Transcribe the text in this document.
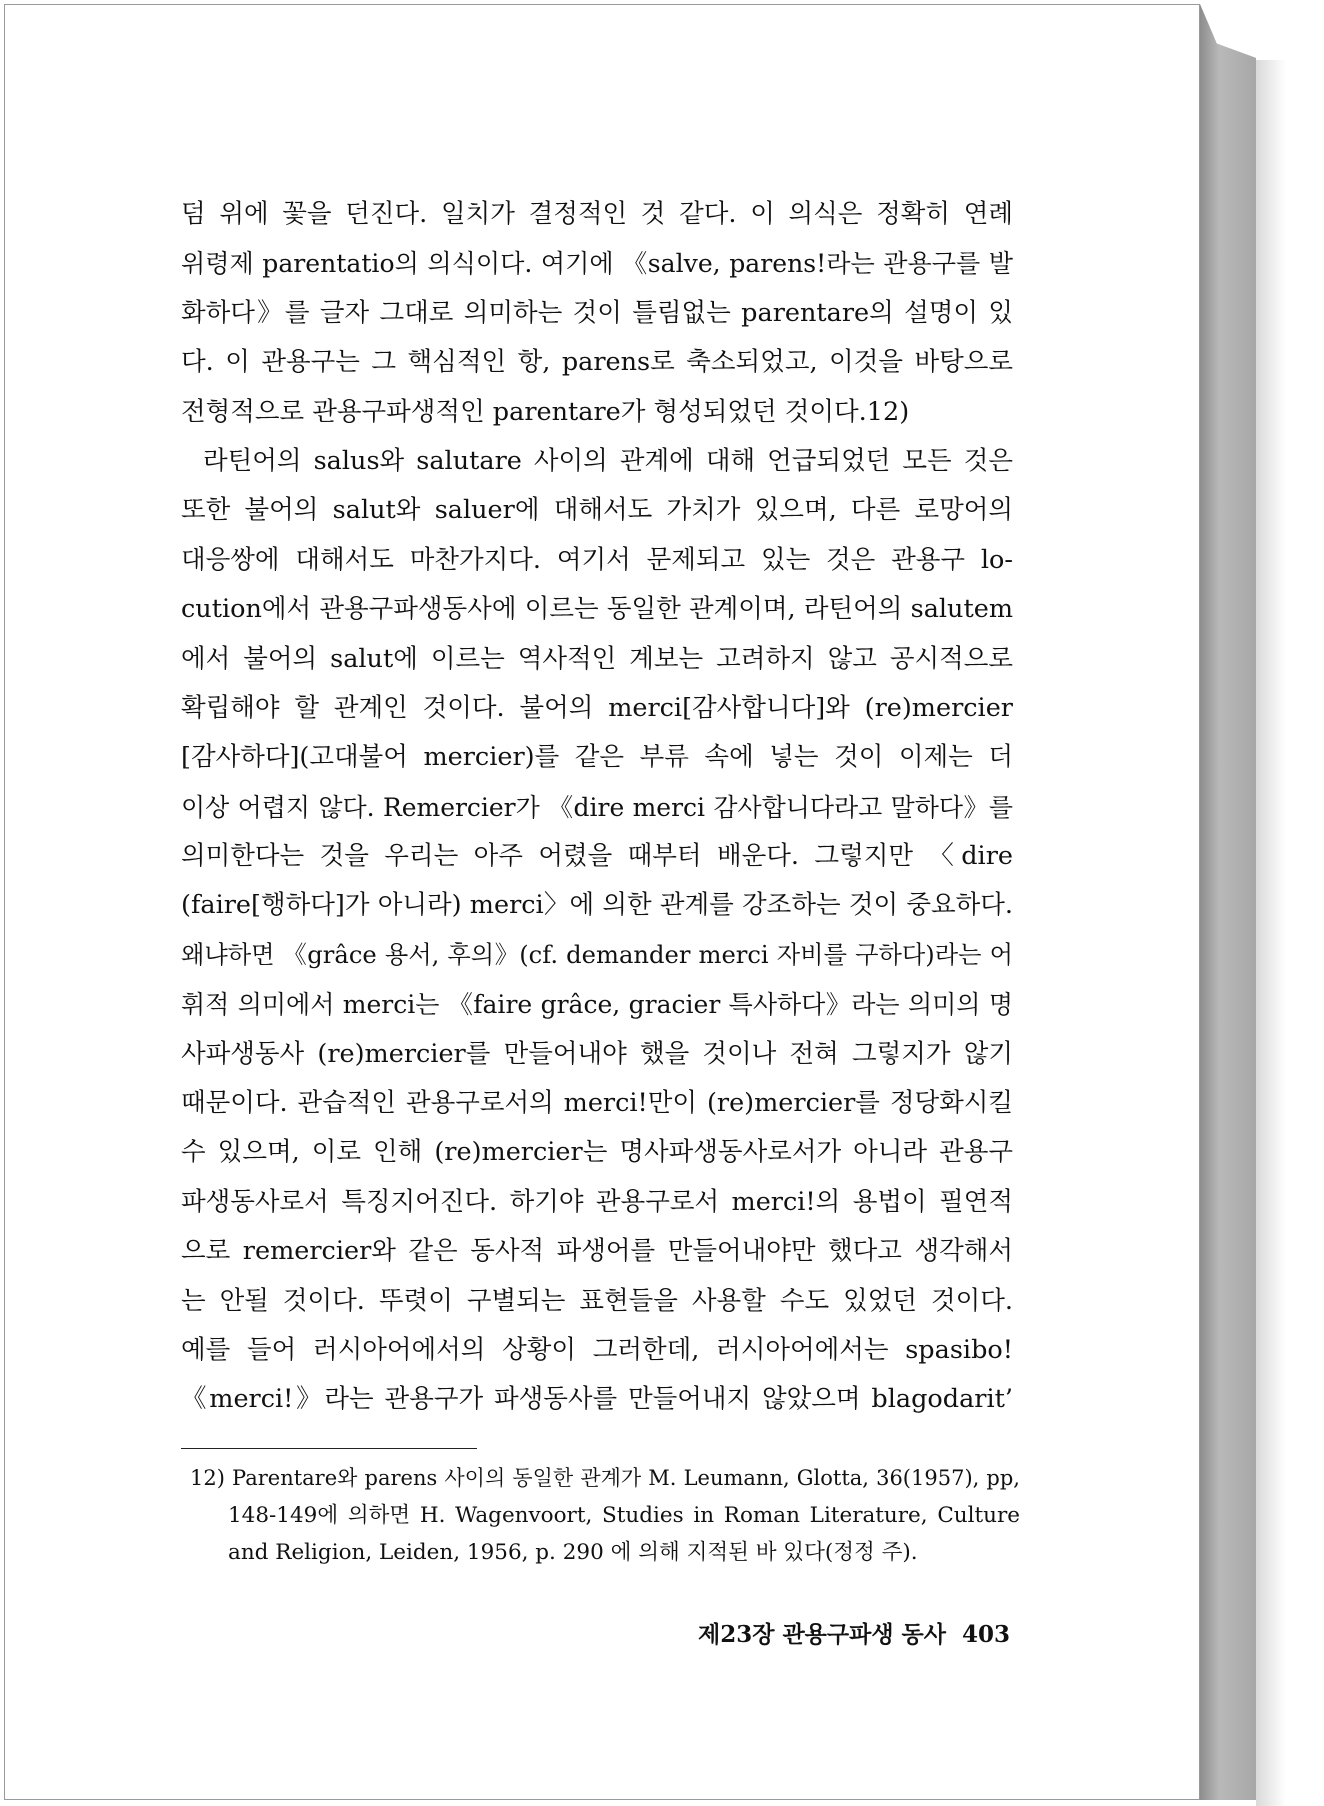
덤 위에 꽃을 던진다. 일치가 결정적인 것 같다. 이 의식은 정확히 연례
위령제 parentatio의 의식이다. 여기에 《salve, parens!라는 관용구를 발
화하다》를 글자 그대로 의미하는 것이 틀림없는 parentare의 설명이 있
다. 이 관용구는 그 핵심적인 항, parens로 축소되었고, 이것을 바탕으로
전형적으로 관용구파생적인 parentare가 형성되었던 것이다.12)
라틴어의 salus와 salutare 사이의 관계에 대해 언급되었던 모든 것은
또한 불어의 salut와 saluer에 대해서도 가치가 있으며, 다른 로망어의
대응쌍에 대해서도 마찬가지다. 여기서 문제되고 있는 것은 관용구 lo-
cution에서 관용구파생동사에 이르는 동일한 관계이며, 라틴어의 salutem
에서 불어의 salut에 이르는 역사적인 계보는 고려하지 않고 공시적으로
확립해야 할 관계인 것이다. 불어의 merci[감사합니다]와 (re)mercier
[감사하다](고대불어 mercier)를 같은 부류 속에 넣는 것이 이제는 더
이상 어렵지 않다. Remercier가 《dire merci 감사합니다라고 말하다》를
의미한다는 것을 우리는 아주 어렸을 때부터 배운다. 그렇지만 〈dire
(faire[행하다]가 아니라) merci〉에 의한 관계를 강조하는 것이 중요하다.
왜냐하면 《grâce 용서, 후의》(cf. demander merci 자비를 구하다)라는 어
휘적 의미에서 merci는 《faire grâce, gracier 특사하다》라는 의미의 명
사파생동사 (re)mercier를 만들어내야 했을 것이나 전혀 그렇지가 않기
때문이다. 관습적인 관용구로서의 merci!만이 (re)mercier를 정당화시킬
수 있으며, 이로 인해 (re)mercier는 명사파생동사로서가 아니라 관용구
파생동사로서 특징지어진다. 하기야 관용구로서 merci!의 용법이 필연적
으로 remercier와 같은 동사적 파생어를 만들어내야만 했다고 생각해서
는 안될 것이다. 뚜렷이 구별되는 표현들을 사용할 수도 있었던 것이다.
예를 들어 러시아어에서의 상황이 그러한데, 러시아어에서는 spasibo!
《merci!》라는 관용구가 파생동사를 만들어내지 않았으며 blagodarit’
12) Parentare와 parens 사이의 동일한 관계가 M. Leumann, Glotta, 36(1957), pp,
148-149에 의하면 H. Wagenvoort, Studies in Roman Literature, Culture
and Religion, Leiden, 1956, p. 290 에 의해 지적된 바 있다(정정 주).
제23장 관용구파생 동사 403
